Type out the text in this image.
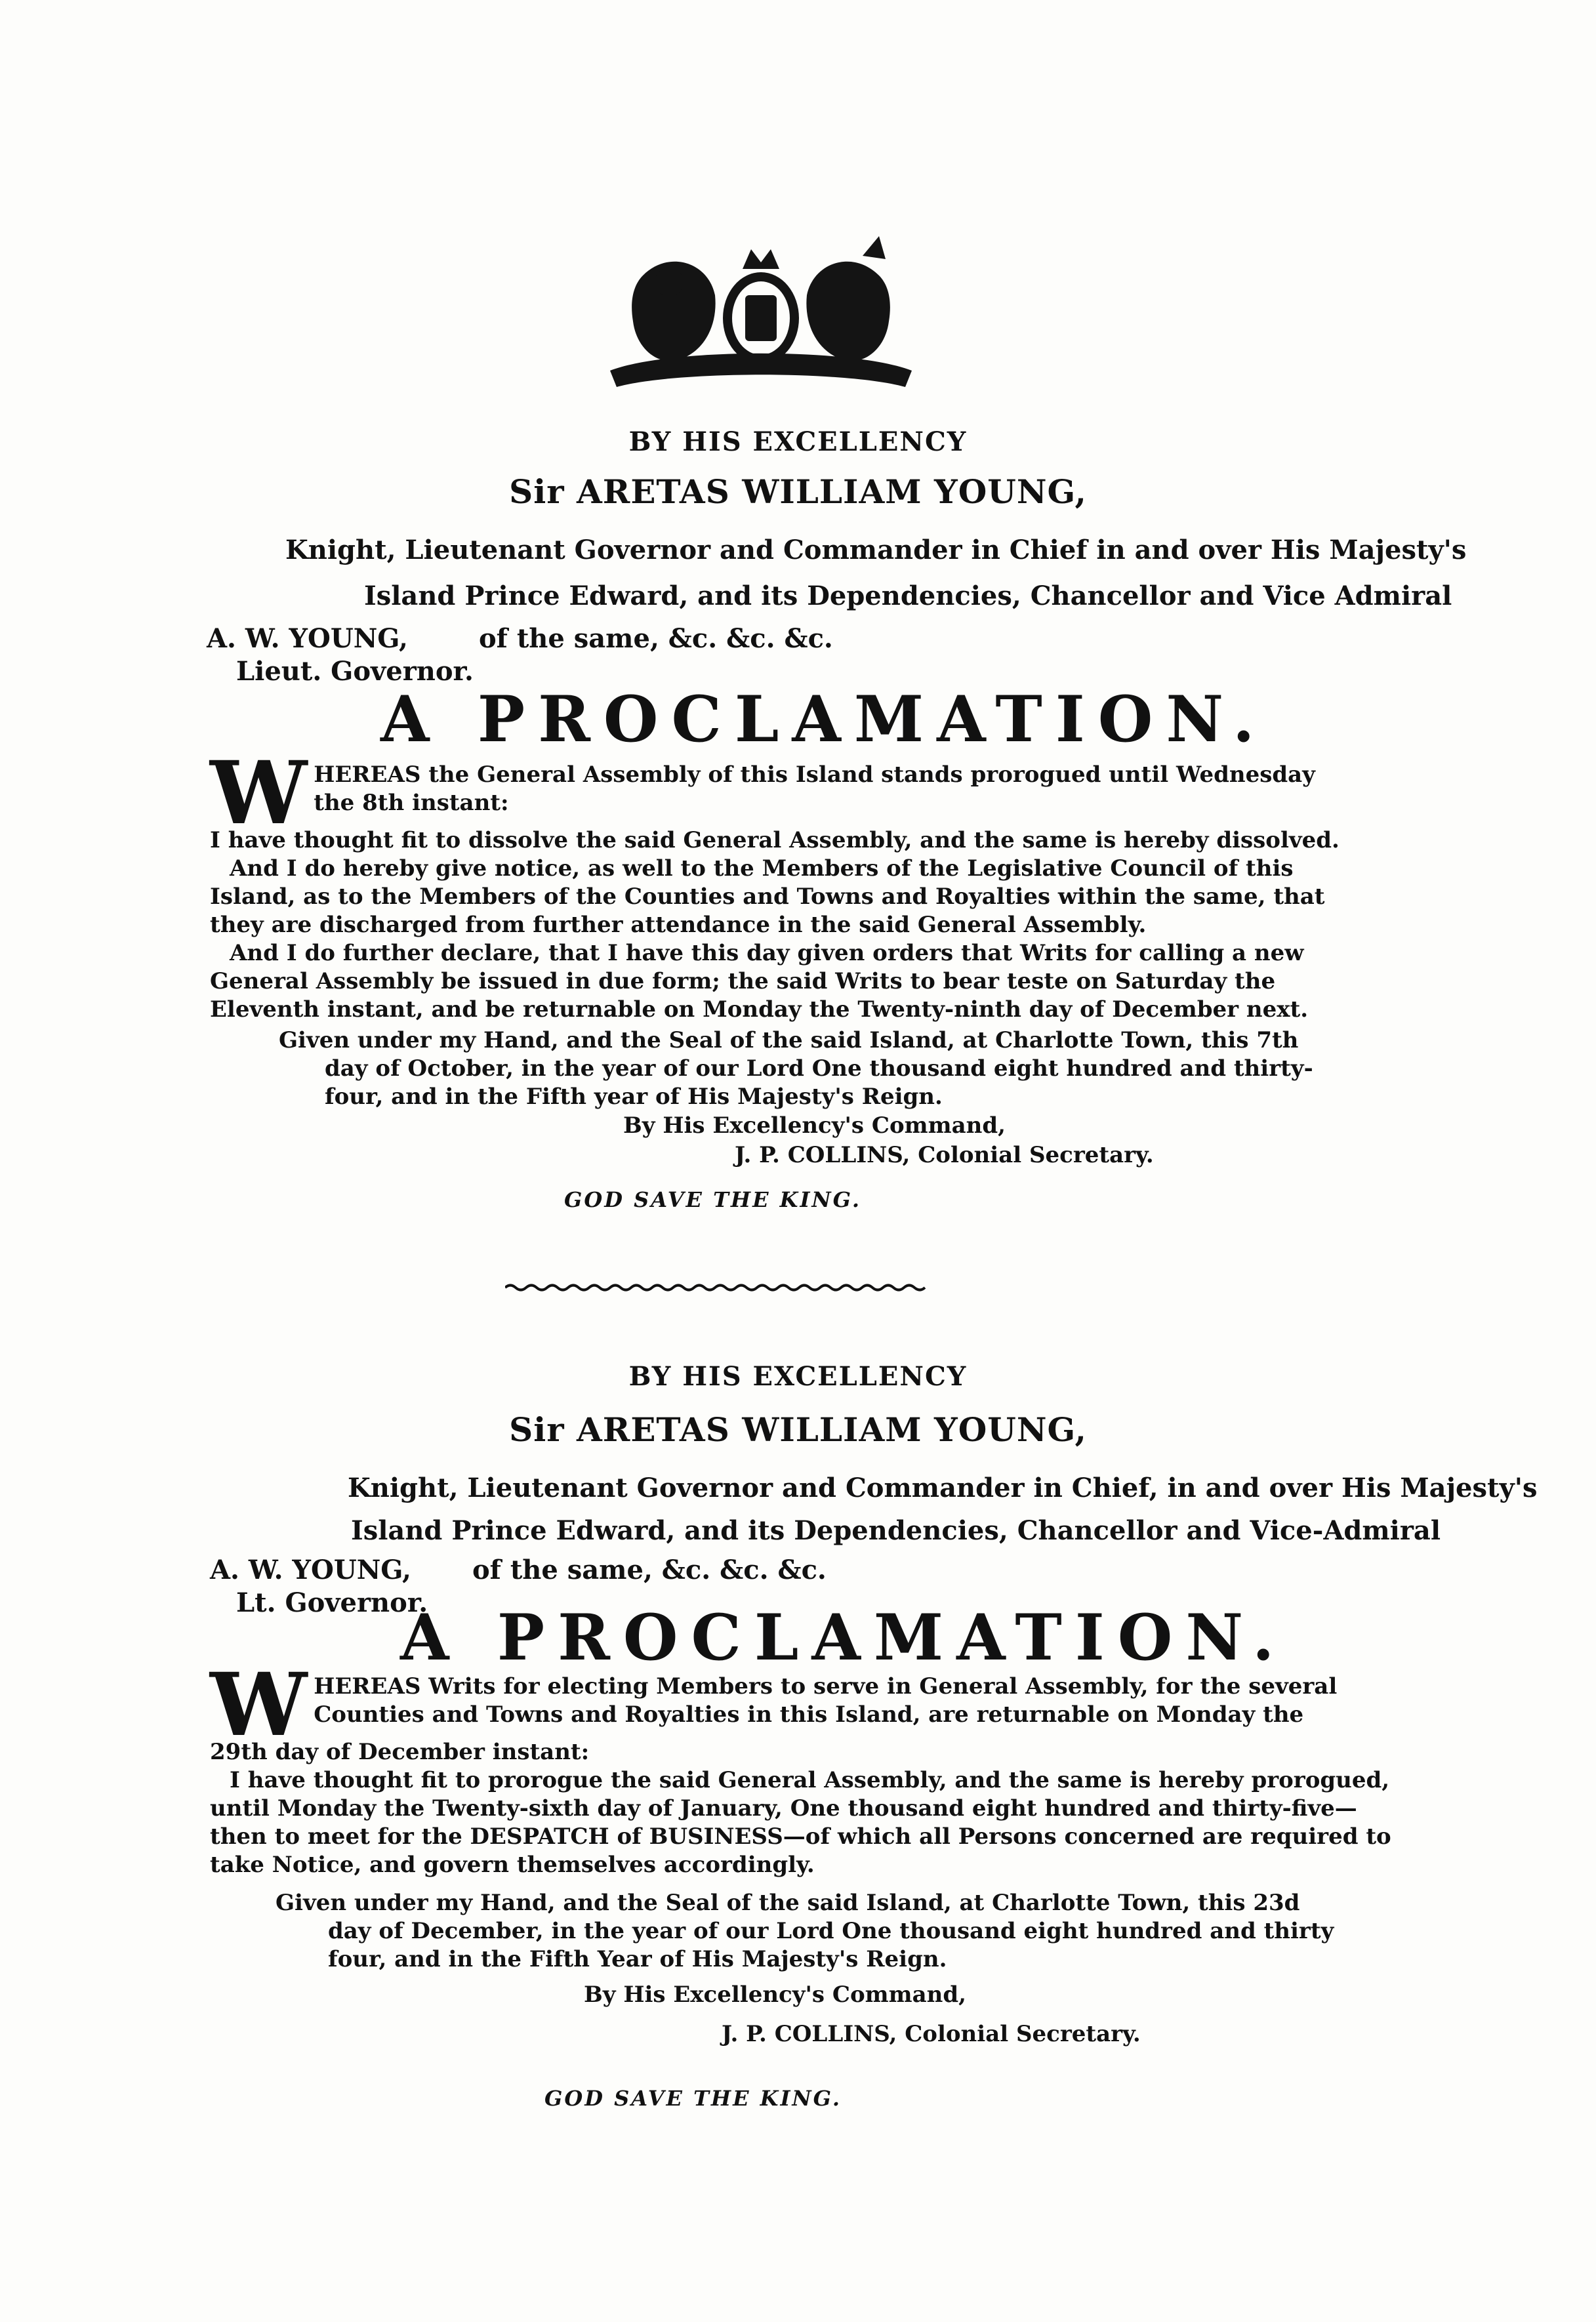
BY HIS EXCELLENCY
Sir ARETAS WILLIAM YOUNG,
Knight, Lieutenant Governor and Commander in Chief in and over His Majesty's
Island Prince Edward, and its Dependencies, Chancellor and Vice Admiral
A. W. YOUNG,	of the same, &c. &c. &c.
Lieut. Governor.
A PROCLAMATION.
W HEREAS the General Assembly of this Island stands prorogued until Wednesday

the 8th instant:

I have thought fit to dissolve the said General Assembly, and the same is hereby dissolved.

And I do hereby give notice, as well to the Members of the Legislative Council of this

Island, as to the Members of the Counties and Towns and Royalties within the same, that

they are discharged from further attendance in the said General Assembly.

And I do further declare, that I have this day given orders that Writs for calling a new

General Assembly be issued in due form; the said Writs to bear teste on Saturday the

Eleventh instant, and be returnable on Monday the Twenty-ninth day of December next.

Given under my Hand, and the Seal of the said Island, at Charlotte Town, this 7th

day of October, in the year of our Lord One thousand eight hundred and thirty-

four, and in the Fifth year of His Majesty's Reign.

By His Excellency's Command,
J. P. COLLINS, Colonial Secretary.
GOD SAVE THE KING.
BY HIS EXCELLENCY
Sir ARETAS WILLIAM YOUNG,
Knight, Lieutenant Governor and Commander in Chief, in and over His Majesty's
Island Prince Edward, and its Dependencies, Chancellor and Vice-Admiral
A. W. YOUNG, of the same, &c. &c. &c.
Lt. Governor.
A PROCLAMATION.
W HEREAS Writs for electing Members to serve in General Assembly, for the several

Counties and Towns and Royalties in this Island, are returnable on Monday the

29th day of December instant:

I have thought fit to prorogue the said General Assembly, and the same is hereby prorogued,

until Monday the Twenty-sixth day of January, One thousand eight hundred and thirty-five—

then to meet for the DESPATCH of BUSINESS—of which all Persons concerned are required to

take Notice, and govern themselves accordingly.

Given under my Hand, and the Seal of the said Island, at Charlotte Town, this 23d

day of December, in the year of our Lord One thousand eight hundred and thirty

four, and in the Fifth Year of His Majesty's Reign.

By His Excellency's Command,
J. P. COLLINS, Colonial Secretary.
GOD SAVE THE KING.
